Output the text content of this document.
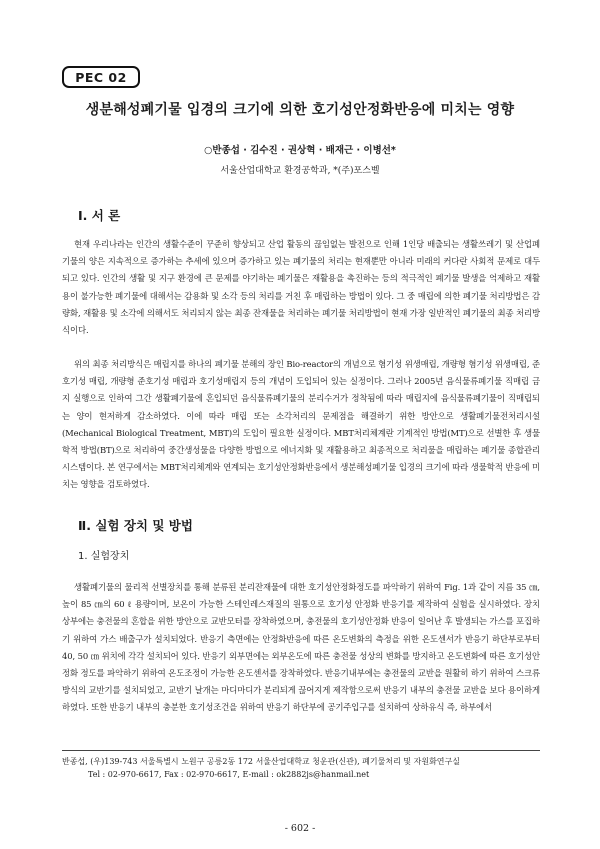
PEC 02
생분해성폐기물 입경의 크기에 의한 호기성안정화반응에 미치는 영향
○반종섭 · 김수진 · 권상혁 · 배재근 · 이병선*
서울산업대학교 환경공학과, *(주)포스벨
Ⅰ. 서 론

현재 우리나라는 인간의 생활수준이 꾸준히 향상되고 산업 활동의 끊임없는 발전으로 인해 1인당 배출되는 생활쓰레기 및 산업폐기물의 양은 지속적으로 증가하는 추세에 있으며 증가하고 있는 폐기물의 처리는 현재뿐만 아니라 미래의 커다란 사회적 문제로 대두되고 있다. 인간의 생활 및 지구 환경에 큰 문제를 야기하는 폐기물은 재활용을 촉진하는 등의 적극적인 폐기물 발생을 억제하고 재활용이 불가능한 폐기물에 대해서는 감용화 및 소각 등의 처리를 거친 후 매립하는 방법이 있다. 그 중 매립에 의한 폐기물 처리방법은 감량화, 재활용 및 소각에 의해서도 처리되지 않는 최종 잔재물을 처리하는 폐기물 처리방법이 현재 가장 일반적인 폐기물의 최종 처리방식이다.

위의 최종 처리방식은 매립지를 하나의 폐기물 분해의 장인 Bio-reactor의 개념으로 혐기성 위생매립, 개량형 혐기성 위생매립, 준호기성 매립, 개량형 준호기성 매립과 호기성매립지 등의 개념이 도입되어 있는 실정이다. 그러나 2005년 음식물류폐기물 직매립 금지 실행으로 인하여 그간 생활폐기물에 혼입되던 음식물류폐기물의 분리수거가 정착됨에 따라 매립지에 음식물류폐기물이 직매립되는 양이 현저하게 감소하였다. 이에 따라 매립 또는 소각처리의 문제점을 해결하기 위한 방안으로 생활폐기물전처리시설(Mechanical Biological Treatment, MBT)의 도입이 필요한 실정이다. MBT처리체계란 기계적인 방법(MT)으로 선별한 후 생물학적 방법(BT)으로 처리하여 중간생성물을 다양한 방법으로 에너지화 및 재활용하고 최종적으로 처리물을 매립하는 폐기물 종합관리시스템이다. 본 연구에서는 MBT처리체계와 연계되는 호기성안정화반응에서 생분해성폐기물 입경의 크기에 따라 생물학적 반응에 미치는 영향을 검토하였다.

Ⅱ. 실험 장치 및 방법
1. 실험장치

생활폐기물의 물리적 선별장치를 통해 분류된 분리잔재물에 대한 호기성안정화정도를 파악하기 위하여 Fig. 1과 같이 지름 35 ㎝, 높이 85 ㎝의 60 ℓ 용량이며, 보온이 가능한 스테인레스재질의 원통으로 호기성 안정화 반응기를 제작하여 실험을 실시하였다. 장치 상부에는 충전물의 혼합을 위한 방안으로 교반모터를 장착하였으며, 충전물의 호기성안정화 반응이 일어난 후 발생되는 가스를 포집하기 위하여 가스 배출구가 설치되었다. 반응기 측면에는 안정화반응에 따른 온도변화의 측정을 위한 온도센서가 반응기 하단부로부터 40, 50 ㎝ 위치에 각각 설치되어 있다. 반응기 외부면에는 외부온도에 따른 충전물 성상의 변화를 방지하고 온도변화에 따른 호기성안정화 정도를 파악하기 위하여 온도조정이 가능한 온도센서를 장착하였다. 반응기내부에는 충전물의 교반을 원활히 하기 위하여 스크류방식의 교반기를 설치되었고, 교반기 날개는 마디마디가 분리되게 끊어지게 제작함으로써 반응기 내부의 충전물 교반을 보다 용이하게 하였다. 또한 반응기 내부의 충분한 호기성조건을 위하여 반응기 하단부에 공기주입구를 설치하여 상하유식 즉, 하부에서

반종섭, (우)139-743 서울특별시 노원구 공릉2동 172 서울산업대학교 청운관(신관), 폐기물처리 및 자원화연구실
Tel : 02-970-6617, Fax : 02-970-6617, E-mail : ok2882js@hanmail.net
- 602 -
